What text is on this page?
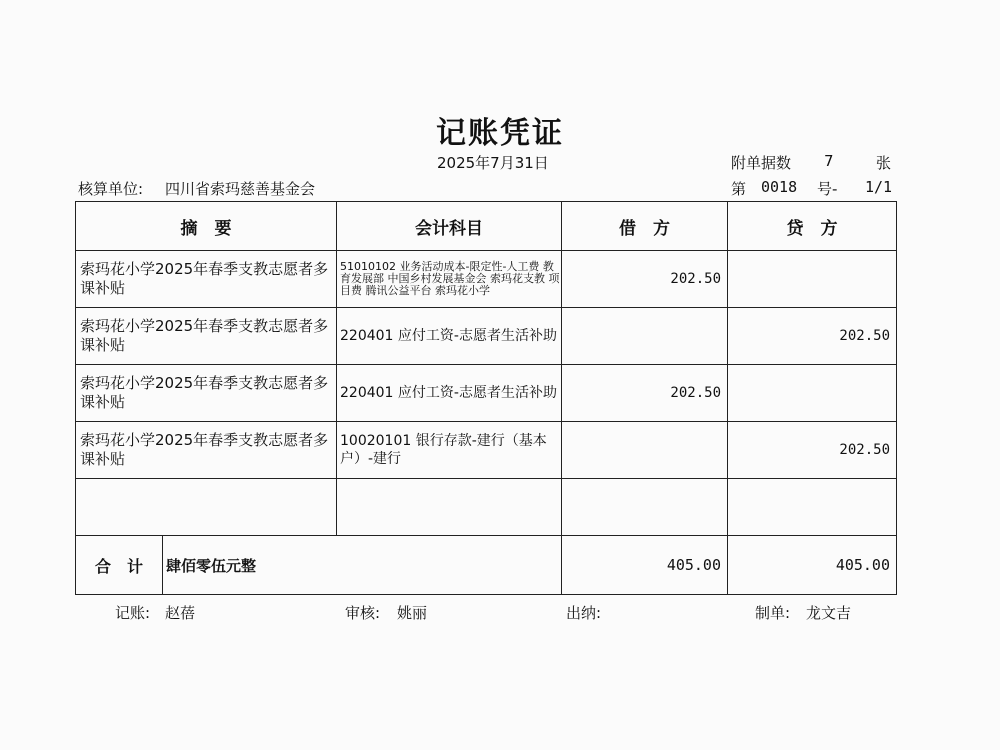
记账凭证
2025年7月31日	附单据数 7	张
核算单位: 四川省索玛慈善基金会	第 0018 号- 1/1
摘　要	会计科目	借　方	贷　方
索玛花小学2025年春季支教志愿者多课补贴	51010102 业务活动成本-限定性-人工费 教育发展部 中国乡村发展基金会 索玛花支教 项目费 腾讯公益平台 索玛花小学	202.50	
索玛花小学2025年春季支教志愿者多课补贴	220401 应付工资-志愿者生活补助		202.50
索玛花小学2025年春季支教志愿者多课补贴	220401 应付工资-志愿者生活补助	202.50	
索玛花小学2025年春季支教志愿者多课补贴	10020101 银行存款-建行（基本户）-建行		202.50

合　计 肆佰零伍元整		405.00	405.00
记账: 赵蓓	审核: 姚丽	出纳:	制单: 龙文吉
